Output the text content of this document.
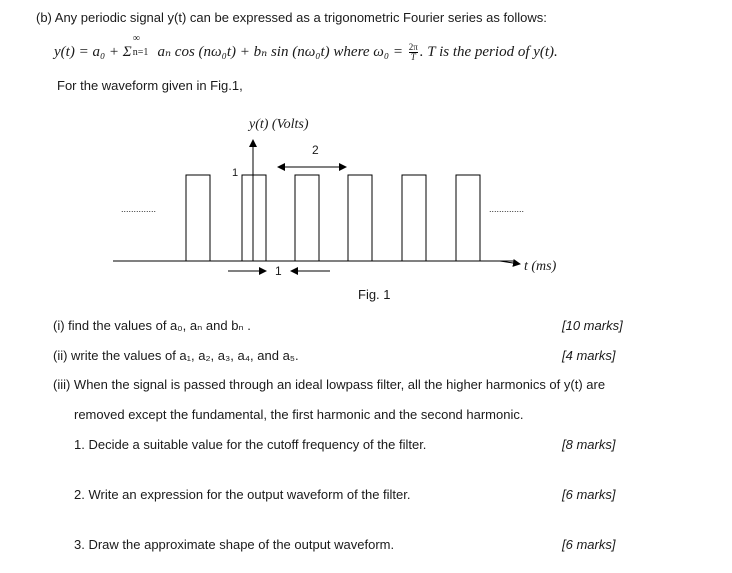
(b) Any periodic signal y(t) can be expressed as a trigonometric Fourier series as follows:
y(t) = a₀ + Σ
∞
n=1 aₙ cos (nω₀t) + bₙ sin (nω₀t) where $\omega_0 = \frac{2\pi}{T}$ . T is the period of y(t).
For the waveform given in Fig.1,
y(t) (Volts)
2
1
1
..............	..............
t (ms)
Fig. 1
(i) find the values of a₀, aₙ and bₙ .	[10 marks]
(ii) write the values of a₁, a₂, a₃, a₄, and a₅.	[4 marks]
(iii) When the signal is passed through an ideal lowpass filter, all the higher harmonics of y(t) are
removed except the fundamental, the first harmonic and the second harmonic.
1. Decide a suitable value for the cutoff frequency of the filter.	[8 marks]
2. Write an expression for the output waveform of the filter.	[6 marks]
3. Draw the approximate shape of the output waveform.	[6 marks]
